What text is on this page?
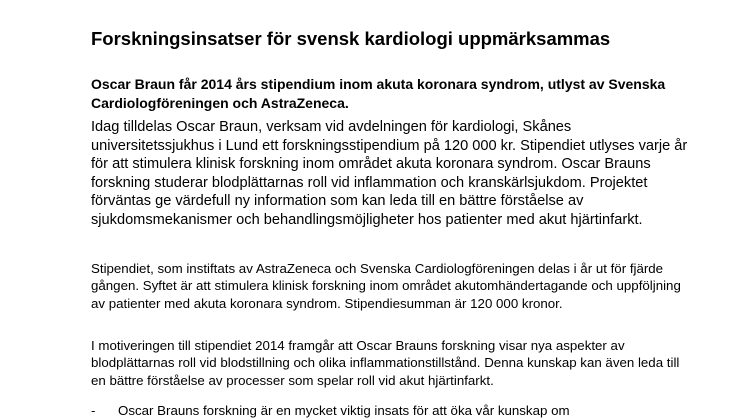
Forskningsinsatser för svensk kardiologi uppmärksammas

Oscar Braun får 2014 års stipendium inom akuta koronara syndrom, utlyst av Svenska Cardiologföreningen och AstraZeneca.

Idag tilldelas Oscar Braun, verksam vid avdelningen för kardiologi, Skånes universitetssjukhus i Lund ett forskningsstipendium på 120 000 kr. Stipendiet utlyses varje år för att stimulera klinisk forskning inom området akuta koronara syndrom. Oscar Brauns forskning studerar blodplättarnas roll vid inflammation och kranskärlsjukdom. Projektet förväntas ge värdefull ny information som kan leda till en bättre förståelse av sjukdomsmekanismer och behandlingsmöjligheter hos patienter med akut hjärtinfarkt.

Stipendiet, som instiftats av AstraZeneca och Svenska Cardiologföreningen delas i år ut för fjärde gången. Syftet är att stimulera klinisk forskning inom området akutomhändertagande och uppföljning av patienter med akuta koronara syndrom. Stipendiesumman är 120 000 kronor.

I motiveringen till stipendiet 2014 framgår att Oscar Brauns forskning visar nya aspekter av blodplättarnas roll vid blodstillning och olika inflammationstillstånd. Denna kunskap kan även leda till en bättre förståelse av processer som spelar roll vid akut hjärtinfarkt.

- Oscar Brauns forskning är en mycket viktig insats för att öka vår kunskap om
